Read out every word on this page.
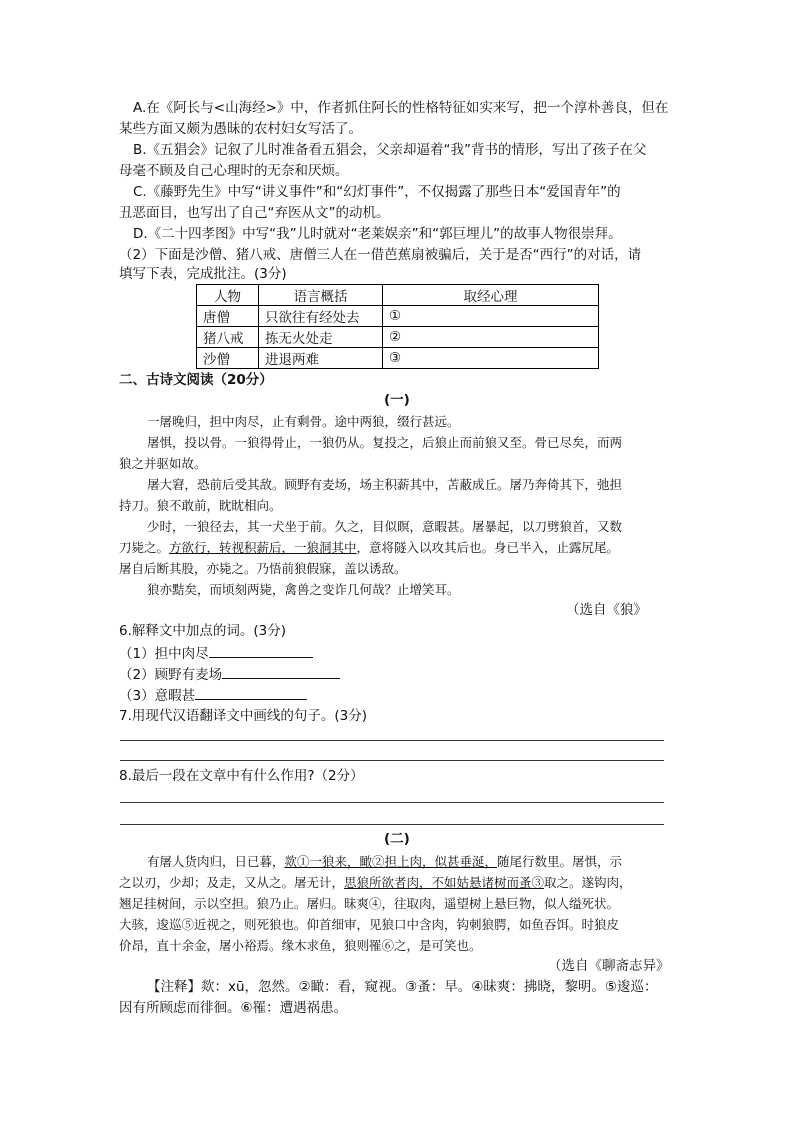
A.在《阿长与<山海经>》中，作者抓住阿长的性格特征如实来写，把一个淳朴善良，但在
某些方面又颇为愚昧的农村妇女写活了。
B.《五猖会》记叙了儿时准备看五猖会，父亲却逼着“我”背书的情形，写出了孩子在父
母毫不顾及自己心理时的无奈和厌烦。
C.《藤野先生》中写“讲义事件”和“幻灯事件”，不仅揭露了那些日本“爱国青年”的
丑恶面目，也写出了自己“弃医从文”的动机。
D.《二十四孝图》中写“我”儿时就对“老莱娱亲”和“郭巨埋儿”的故事人物很崇拜。
（2）下面是沙僧、猪八戒、唐僧三人在一借芭蕉扇被骗后，关于是否“西行”的对话，请
填写下表，完成批注。(3分)
人物	语言概括	取经心理
唐僧	只欲往有经处去	①
猪八戒	拣无火处走	②
沙僧	进退两难	③
二、古诗文阅读（20分）
(一)
一屠晚归，担中肉尽，止有剩骨。途中两狼，缀行甚远。
屠惧，投以骨。一狼得骨止，一狼仍从。复投之，后狼止而前狼又至。骨已尽矣，而两
狼之并驱如故。
屠大窘，恐前后受其敌。顾野有麦场，场主积薪其中，苫蔽成丘。屠乃奔倚其下，弛担
持刀。狼不敢前，眈眈相向。
少时，一狼径去，其一犬坐于前。久之，目似瞑，意暇甚。屠暴起，以刀劈狼首，又数
刀毙之。方欲行，转视积薪后，一狼洞其中，意将隧入以攻其后也。身已半入，止露尻尾。
屠自后断其股，亦毙之。乃悟前狼假寐，盖以诱敌。
狼亦黠矣，而顷刻两毙，禽兽之变诈几何哉？止增笑耳。
（选自《狼》
6.解释文中加点的词。(3分)
（1）担中肉尽
（2）顾野有麦场
（3）意暇甚
7.用现代汉语翻译文中画线的句子。(3分)
8.最后一段在文章中有什么作用?（2分）
(二)
有屠人货肉归，日已暮，欻①一狼来，瞰②担上肉，似甚垂涎，随尾行数里。屠惧，示
之以刃，少却；及走，又从之。屠无计，思狼所欲者肉，不如姑悬诸树而蚤③取之。遂钩肉，
翘足挂树间，示以空担。狼乃止。屠归。昧爽④，往取肉，遥望树上悬巨物，似人缢死状。
大骇，逡巡⑤近视之，则死狼也。仰首细审，见狼口中含肉，钩刺狼腭，如鱼吞饵。时狼皮
价昂，直十余金，屠小裕焉。缘木求鱼，狼则罹⑥之，是可笑也。
（选自《聊斋志异》
【注释】欻：xū，忽然。②瞰：看，窥视。③蚤：早。④昧爽：拂晓，黎明。⑤逡巡：
因有所顾虑而徘徊。⑥罹：遭遇祸患。
